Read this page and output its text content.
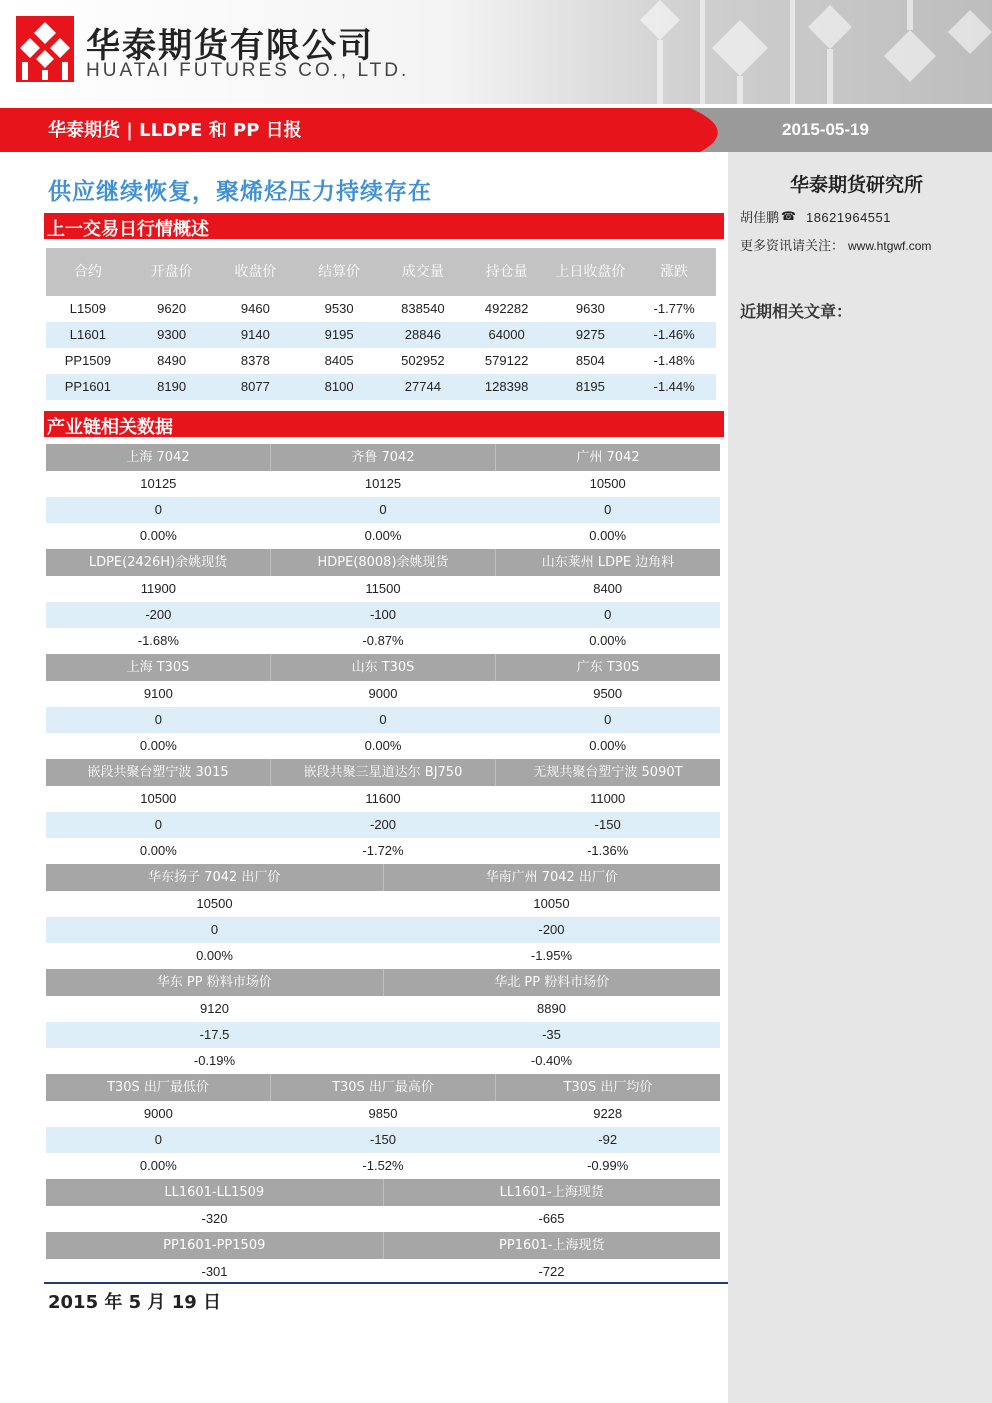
华泰期货有限公司
HUATAI FUTURES CO., LTD.
华泰期货 | LLDPE 和 PP 日报	2015-05-19
华泰期货研究所
胡佳鹏 ☎ 18621964551
更多资讯请关注： www.htgwf.com
近期相关文章：
供应继续恢复，聚烯烃压力持续存在
上一交易日行情概述
合约	开盘价	收盘价	结算价	成交量	持仓量	上日收盘价	涨跌
L1509	9620	9460	9530	838540	492282	9630	-1.77%
L1601	9300	9140	9195	28846	64000	9275	-1.46%
PP1509	8490	8378	8405	502952	579122	8504	-1.48%
PP1601	8190	8077	8100	27744	128398	8195	-1.44%
产业链相关数据
上海 7042	齐鲁 7042	广州 7042
10125	10125	10500
0	0	0
0.00%	0.00%	0.00%
LDPE(2426H)余姚现货	HDPE(8008)余姚现货	山东莱州 LDPE 边角料
11900	11500	8400
-200	-100	0
-1.68%	-0.87%	0.00%
上海 T30S	山东 T30S	广东 T30S
9100	9000	9500
0	0	0
0.00%	0.00%	0.00%
嵌段共聚台塑宁波 3015	嵌段共聚三星道达尔 BJ750	无规共聚台塑宁波 5090T
10500	11600	11000
0	-200	-150
0.00%	-1.72%	-1.36%
华东扬子 7042 出厂价	华南广州 7042 出厂价
10500	10050
0	-200
0.00%	-1.95%
华东 PP 粉料市场价	华北 PP 粉料市场价
9120	8890
-17.5	-35
-0.19%	-0.40%
T30S 出厂最低价	T30S 出厂最高价	T30S 出厂均价
9000	9850	9228
0	-150	-92
0.00%	-1.52%	-0.99%
LL1601-LL1509	LL1601-上海现货
-320	-665
PP1601-PP1509	PP1601-上海现货
-301	-722
2015 年 5 月 19 日
